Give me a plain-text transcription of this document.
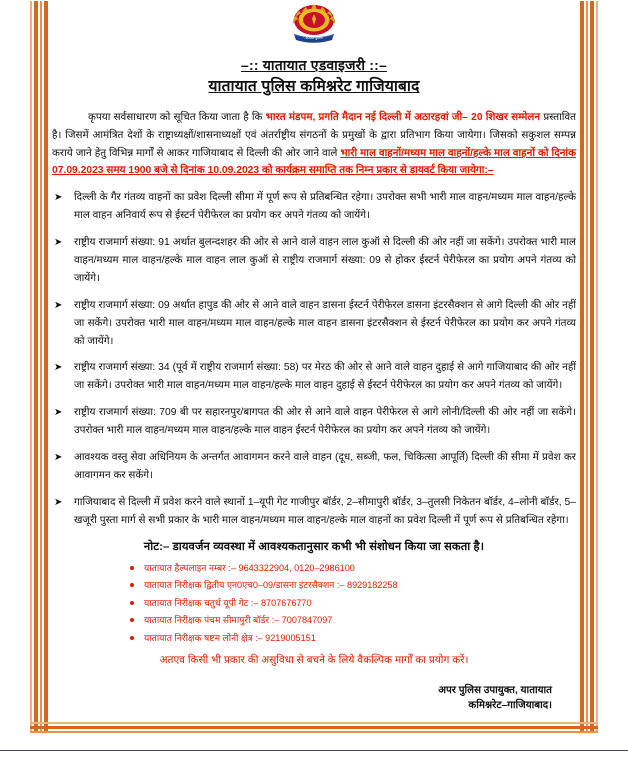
उ0प्र0 पुलिस
–:: यातायात एडवाइजरी ::–
यातायात पुलिस कमिश्नरेट गाजियाबाद
कृपया सर्वसाधारण को सूचित किया जाता है कि भारत मंडपम, प्रगति मैदान नई दिल्ली में अठारहवां जी– 20 शिखर सम्मेलन प्रस्तावित है। जिसमें आमंत्रित देशों के राष्ट्राध्यक्षों/शासनाध्यक्षों एवं अंतर्राष्ट्रीय संगठनों के प्रमुखों के द्वारा प्रतिभाग किया जायेगा। जिसको सकुशल सम्पन्न कराये जाने हेतु विभिन्न मार्गों से आकर गाजियाबाद से दिल्ली की ओर जाने वाले भारी माल वाहनों/मध्यम माल वाहनों/हल्के माल वाहनों को दिनांक 07.09.2023 समय 1900 बजे से दिनांक 10.09.2023 को कार्यक्रम समाप्ति तक निम्न प्रकार से डायवर्ट किया जायेगा:–
➤ दिल्ली के गैर गंतव्य वाहनों का प्रवेश दिल्ली सीमा में पूर्ण रूप से प्रतिबन्धित रहेगा। उपरोक्त सभी भारी माल वाहन/मध्यम माल वाहन/हल्के माल वाहन अनिवार्य रूप से ईस्टर्न पेरीफेरल का प्रयोग कर अपने गंतव्य को जायेंगे।
➤ राष्ट्रीय राजमार्ग संख्या: 91 अर्थात बुलन्दशहर की ओर से आने वाले वाहन लाल कुऑ से दिल्ली की ओर नहीं जा सकेंगे। उपरोक्त भारी माल वाहन/मध्यम माल वाहन/हल्के माल वाहन लाल कुऑ से राष्ट्रीय राजमार्ग संख्या: 09 से होकर ईस्टर्न पेरीफेरल का प्रयोग अपने गंतव्य को जायेंगे।
➤ राष्ट्रीय राजमार्ग संख्या: 09 अर्थात हापुड की ओर से आने वाले वाहन डासना ईस्टर्न पेरीफेरल डासना इंटरसैक्शन से आगे दिल्ली की ओर नहीं जा सकेंगे। उपरोक्त भारी माल वाहन/मध्यम माल वाहन/हल्के माल वाहन डासना इंटरसैक्शन से ईस्टर्न पेरीफेरल का प्रयोग कर अपने गंतव्य को जायेंगे।
➤ राष्ट्रीय राजमार्ग संख्या: 34 (पूर्व में राष्ट्रीय राजमार्ग संख्या: 58) पर मेरठ की ओर से आने वाले वाहन दुहाई से आगे गाजियाबाद की ओर नहीं जा सकेंगे। उपरोक्त भारी माल वाहन/मध्यम माल वाहन/हल्के माल वाहन दुहाई से ईस्टर्न पेरीफेरल का प्रयोग कर अपने गंतव्य को जायेंगे।
➤ राष्ट्रीय राजमार्ग संख्या: 709 बी पर सहारनपुर/बागपत की ओर से आने वाले वाहन पेरीफेरल से आगे लोनी/दिल्ली की ओर नहीं जा सकेंगे। उपरोक्त भारी माल वाहन/मध्यम माल वाहन/हल्के माल वाहन ईस्टर्न पेरीफेरल का प्रयोग कर अपने गंतव्य को जायेंगे।
➤ आवश्यक वस्तु सेवा अधिनियम के अन्तर्गत आवागमन करने वाले वाहन (दूध, सब्जी, फल, चिकित्सा आपूर्ति) दिल्ली की सीमा में प्रवेश कर आवागमन कर सकेंगे।
➤ गाजियाबाद से दिल्ली में प्रवेश करने वाले स्थानों 1–यूपी गेट गाजीपुर बॉर्डर, 2–सीमापुरी बॉर्डर, 3–तुलसी निकेतन बॉर्डर, 4–लोनी बॉर्डर, 5–खजूरी पुस्ता मार्ग से सभी प्रकार के भारी माल वाहन/मध्यम माल वाहन/हल्के माल वाहनों का प्रवेश दिल्ली में पूर्ण रूप से प्रतिबन्धित रहेगा।
नोट:– डायवर्जन व्यवस्था में आवश्यकतानुसार कभी भी संशोधन किया जा सकता है।
यातायात हैल्पलाइन नम्बर :– 9643322904, 0120–2986100
यातायात निरीक्षक द्वितीय एन0एच0–09/डासना इंटरसैक्शन :– 8929182258
यातायात निरीक्षक चतुर्थ यूपी गेट :– 8707676770
यातायात निरीक्षक पंचम सीमापुरी बॉर्डर :– 7007847097
यातायात निरीक्षक षष्टम लोनी क्षेत्र :– 9219005151
अतएव किसी भी प्रकार की असुविधा से बचने के लिये वैकल्पिक मार्गों का प्रयोग करें।
अपर पुलिस उपायुक्त, यातायात
कमिश्नरेट–गाजियाबाद।
